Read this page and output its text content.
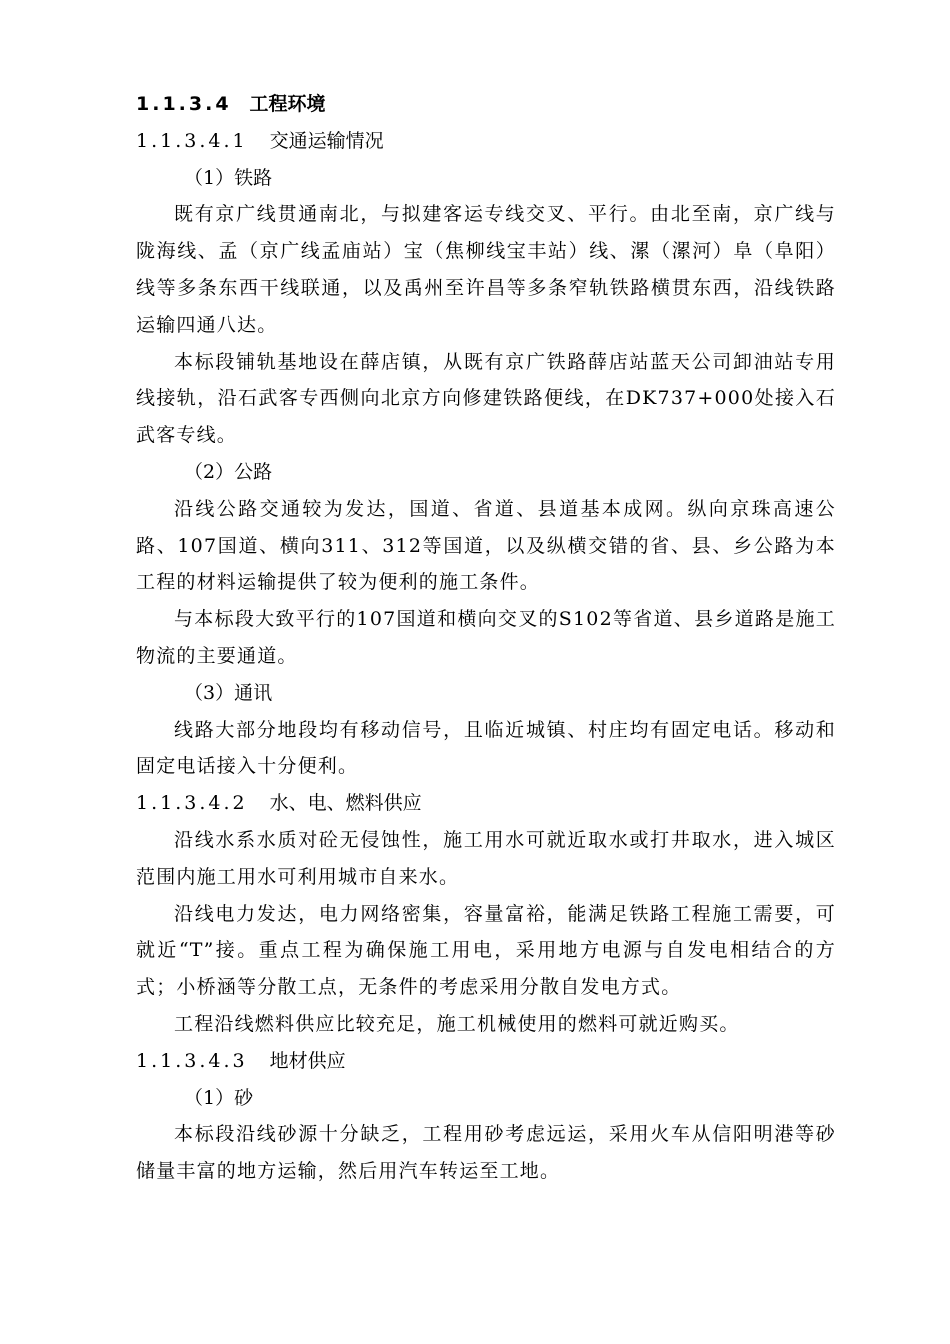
1.1.3.4 工程环境
1.1.3.4.1 交通运输情况
（1）铁路

既有京广线贯通南北，与拟建客运专线交叉、平行。由北至南，京广线与陇海线、孟（京广线孟庙站）宝（焦柳线宝丰站）线、漯（漯河）阜（阜阳）线等多条东西干线联通，以及禹州至许昌等多条窄轨铁路横贯东西，沿线铁路运输四通八达。

本标段铺轨基地设在薛店镇，从既有京广铁路薛店站蓝天公司卸油站专用线接轨，沿石武客专西侧向北京方向修建铁路便线，在DK737+000处接入石武客专线。

（2）公路

沿线公路交通较为发达，国道、省道、县道基本成网。纵向京珠高速公路、107国道、横向311、312等国道，以及纵横交错的省、县、乡公路为本工程的材料运输提供了较为便利的施工条件。

与本标段大致平行的107国道和横向交叉的S102等省道、县乡道路是施工物流的主要通道。

（3）通讯

线路大部分地段均有移动信号，且临近城镇、村庄均有固定电话。移动和固定电话接入十分便利。

1.1.3.4.2 水、电、燃料供应

沿线水系水质对砼无侵蚀性，施工用水可就近取水或打井取水，进入城区范围内施工用水可利用城市自来水。

沿线电力发达，电力网络密集，容量富裕，能满足铁路工程施工需要，可就近“T”接。重点工程为确保施工用电，采用地方电源与自发电相结合的方式；小桥涵等分散工点，无条件的考虑采用分散自发电方式。

工程沿线燃料供应比较充足，施工机械使用的燃料可就近购买。

1.1.3.4.3 地材供应
（1）砂

本标段沿线砂源十分缺乏，工程用砂考虑远运，采用火车从信阳明港等砂储量丰富的地方运输，然后用汽车转运至工地。
